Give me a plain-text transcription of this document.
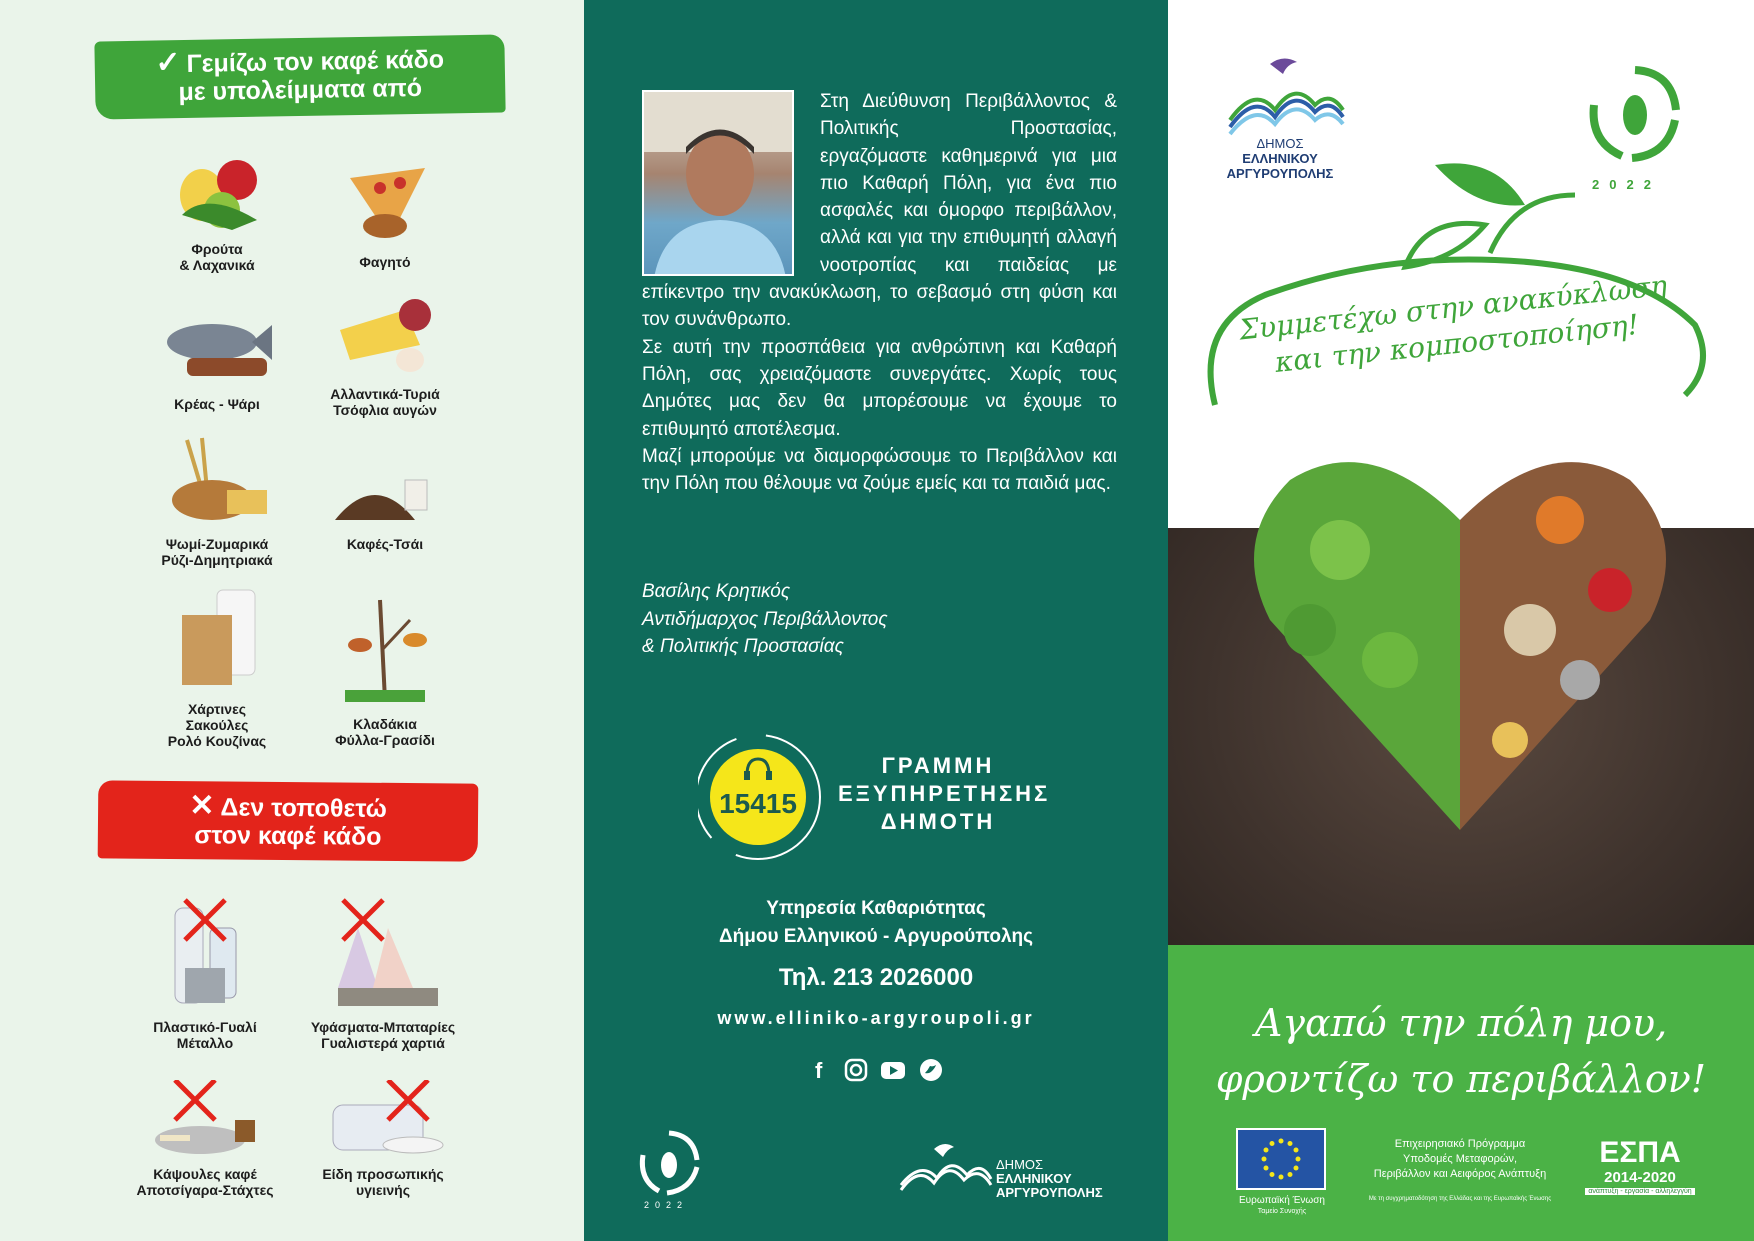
✓ Γεμίζω τον καφέ κάδο
με υπολείμματα από
Φρούτα
& Λαχανικά	Φαγητό
Κρέας - Ψάρι
Αλλαντικά-Τυριά
Τσόφλια αυγών
Ψωμί-Ζυμαρικά
Ρύζι-Δημητριακά
Καφές-Τσάι
Χάρτινες
Σακούλες
Ρολό Κουζίνας
Κλαδάκια
Φύλλα-Γρασίδι
✕ Δεν τοποθετώ
στον καφέ κάδο
Πλαστικό-Γυαλί
Μέταλλο
Υφάσματα-Μπαταρίες
Γυαλιστερά χαρτιά
Κάψουλες καφέ
Αποτσίγαρα-Στάχτες
Είδη προσωπικής
υγιεινής

Στη Διεύθυνση Περιβάλλοντος & Πολιτικής Προστασίας, εργαζόμαστε καθημερινά για μια πιο Καθαρή Πόλη, για ένα πιο ασφαλές και όμορφο περιβάλλον, αλλά και για την επιθυμητή αλλαγή νοοτροπίας και παιδείας με επίκεντρο την ανακύκλωση, το σεβασμό στη φύση και τον συνάνθρωπο.

Σε αυτή την προσπάθεια για ανθρώπινη και Καθαρή Πόλη, σας χρειαζόμαστε συνεργάτες. Χωρίς τους Δημότες μας δεν θα μπορέσουμε να έχουμε το επιθυμητό αποτέλεσμα.

Μαζί μπορούμε να διαμορφώσουμε το Περιβάλλον και την Πόλη που θέλουμε να ζούμε εμείς και τα παιδιά μας.

Βασίλης Κρητικός
Αντιδήμαρχος Περιβάλλοντος
& Πολιτικής Προστασίας
15415
ΓΡΑΜΜΗ
ΕΞΥΠΗΡΕΤΗΣΗΣ
ΔΗΜΟΤΗ
Υπηρεσία Καθαριότητας
Δήμου Ελληνικού - Αργυρούπολης
Τηλ. 213 2026000
www.elliniko-argyroupoli.gr
f

2022
ΔΗΜΟΣ
ΕΛΛΗΝΙΚΟΥ
ΑΡΓΥΡΟΥΠΟΛΗΣ
ΔΗΜΟΣ
ΕΛΛΗΝΙΚΟΥ
ΑΡΓΥΡΟΥΠΟΛΗΣ
2022
Συμμετέχω στην ανακύκλωση
και την κομποστοποίηση!
Αγαπώ την πόλη μου,
φροντίζω το περιβάλλον!
Ευρωπαϊκή Ένωση
Ταμείο Συνοχής
Επιχειρησιακό Πρόγραμμα
Υποδομές Μεταφορών,
Περιβάλλον και Αειφόρος Ανάπτυξη
Με τη συγχρηματοδότηση της Ελλάδας και της Ευρωπαϊκής Ένωσης
ΕΣΠΑ
2014-2020
ανάπτυξη - εργασία - αλληλεγγύη
